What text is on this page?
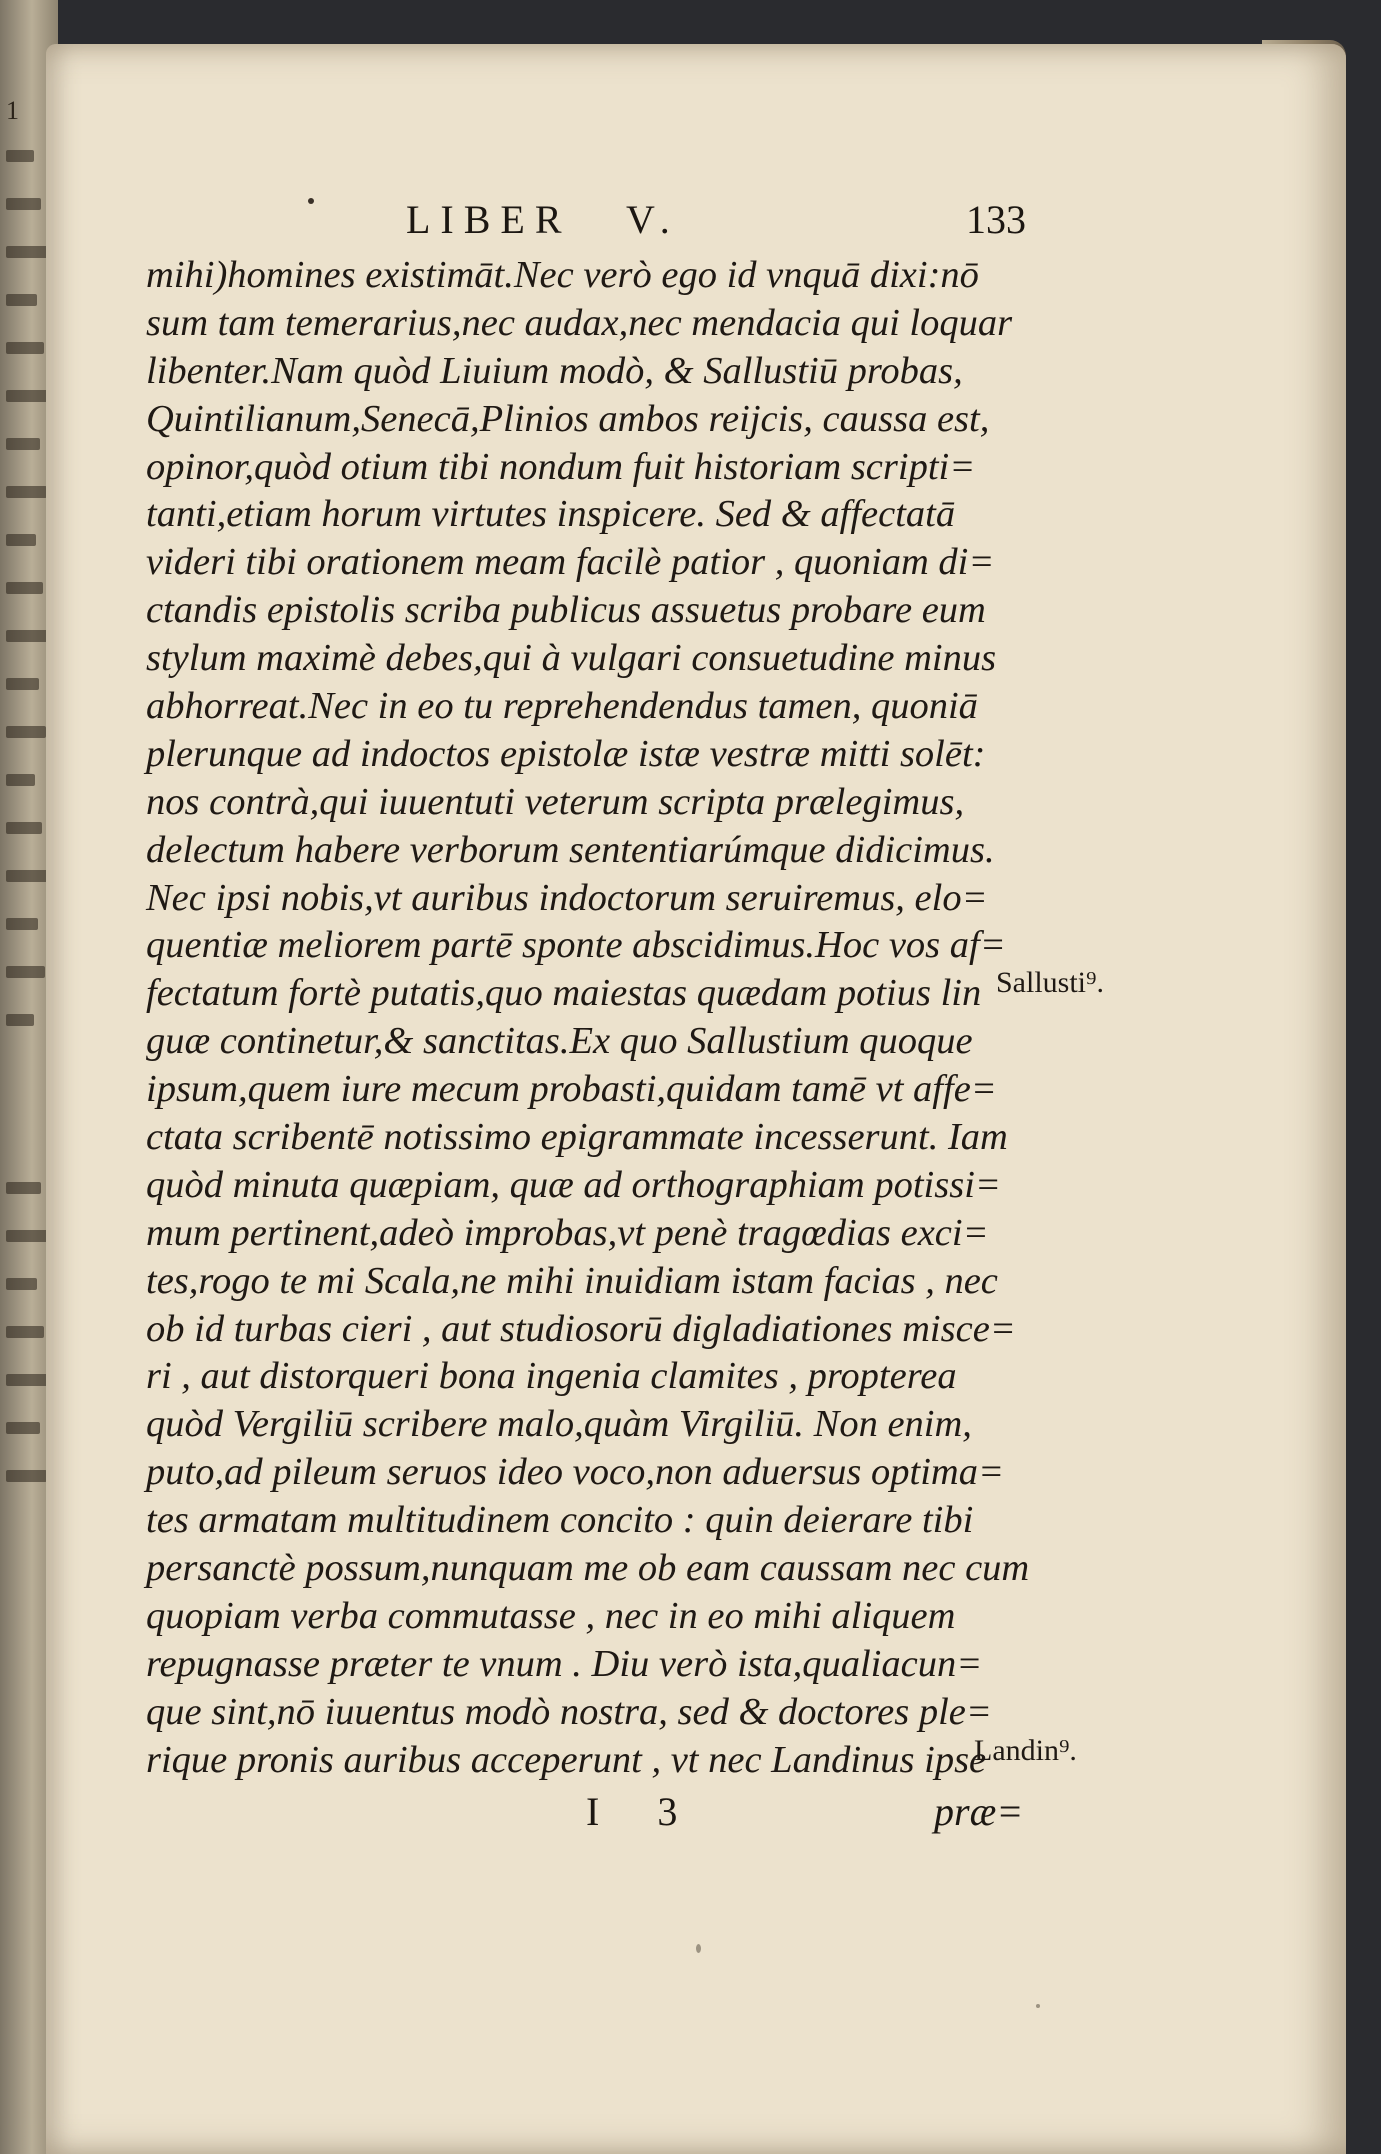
1
LIBER V.	133
mihi)homines existimāt.Nec verò ego id vnquā dixi:nō
sum tam temerarius,nec audax,nec mendacia qui loquar
libenter.Nam quòd Liuium modò, & Sallustiū probas,
Quintilianum,Senecā,Plinios ambos reijcis, caussa est,
opinor,quòd otium tibi nondum fuit historiam scripti=
tanti,etiam horum virtutes inspicere. Sed & affectatā
videri tibi orationem meam facilè patior , quoniam di=
ctandis epistolis scriba publicus assuetus probare eum
stylum maximè debes,qui à vulgari consuetudine minus
abhorreat.Nec in eo tu reprehendendus tamen, quoniā
plerunque ad indoctos epistolæ istæ vestræ mitti solēt:
nos contrà,qui iuuentuti veterum scripta prælegimus,
delectum habere verborum sententiarúmque didicimus.
Nec ipsi nobis,vt auribus indoctorum seruiremus, elo=
quentiæ meliorem partē sponte abscidimus.Hoc vos af=
fectatum fortè putatis,quo maiestas quædam potius lin
guæ continetur,& sanctitas.Ex quo Sallustium quoque
ipsum,quem iure mecum probasti,quidam tamē vt affe=
ctata scribentē notissimo epigrammate incesserunt. Iam
quòd minuta quæpiam, quæ ad orthographiam potissi=
mum pertinent,adeò improbas,vt penè tragœdias exci=
tes,rogo te mi Scala,ne mihi inuidiam istam facias , nec
ob id turbas cieri , aut studiosorū digladiationes misce=
ri , aut distorqueri bona ingenia clamites , propterea
quòd Vergiliū scribere malo,quàm Virgiliū. Non enim,
puto,ad pileum seruos ideo voco,non aduersus optima=
tes armatam multitudinem concito : quin deierare tibi
persanctè possum,nunquam me ob eam caussam nec cum
quopiam verba commutasse , nec in eo mihi aliquem
repugnasse præter te vnum . Diu verò ista,qualiacun=
que sint,nō iuuentus modò nostra, sed & doctores ple=
rique pronis auribus acceperunt , vt nec Landinus ipse
Sallusti⁹.
Landin⁹.
I 3	præ=
